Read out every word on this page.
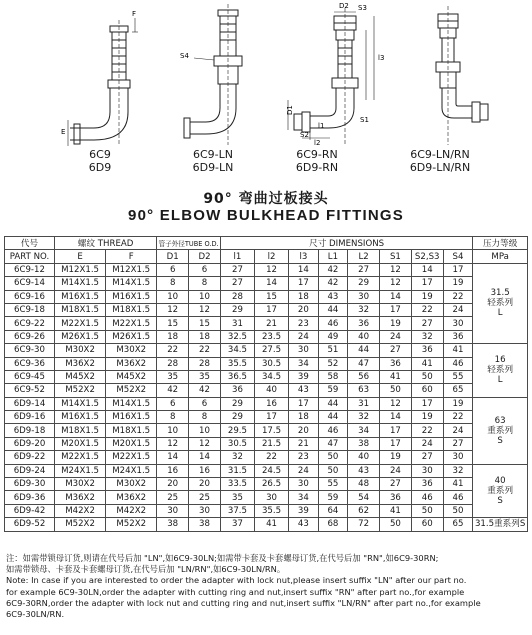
F
E
S4
D2 S3
D1
l1
S2
l2
S1
l3
6C9
6D9
6C9-LN
6D9-LN
6C9-RN
6D9-RN
6C9-LN/RN
6D9-LN/RN
90° 弯曲过板接头
90° ELBOW BULKHEAD FITTINGS
代号	螺纹 THREAD		管子外径TUBE O.D.		尺寸 DIMENSIONS								压力等级
PART NO.	E	F	D1	D2	l1	l2	l3	L1	L2	S1	S2,S3	S4	MPa
6C9-12	M12X1.5	M12X1.5	6	6	27	12	14	42	27	12	14	17	31.5
轻系列
L

6C9-14	M14X1.5	M14X1.5	8	8	27	14	17	42	29	12	17	19	
6C9-16	M16X1.5	M16X1.5	10	10	28	15	18	43	30	14	19	22	
6C9-18	M18X1.5	M18X1.5	12	12	29	17	20	44	32	17	22	24	
6C9-22	M22X1.5	M22X1.5	15	15	31	21	23	46	36	19	27	30	
6C9-26	M26X1.5	M26X1.5	18	18	32.5	23.5	24	49	40	24	32	36	
6C9-30	M30X2	M30X2	22	22	34.5	27.5	30	51	44	27	36	41	16
轻系列
L

6C9-36	M36X2	M36X2	28	28	35.5	30.5	34	52	47	36	41	46	
6C9-45	M45X2	M45X2	35	35	36.5	34.5	39	58	56	41	50	55	
6C9-52	M52X2	M52X2	42	42	36	40	43	59	63	50	60	65	
6D9-14	M14X1.5	M14X1.5	6	6	29	16	17	44	31	12	17	19	63
重系列
S

6D9-16	M16X1.5	M16X1.5	8	8	29	17	18	44	32	14	19	22	
6D9-18	M18X1.5	M18X1.5	10	10	29.5	17.5	20	46	34	17	22	24	
6D9-20	M20X1.5	M20X1.5	12	12	30.5	21.5	21	47	38	17	24	27	
6D9-22	M22X1.5	M22X1.5	14	14	32	22	23	50	40	19	27	30	
6D9-24	M24X1.5	M24X1.5	16	16	31.5	24.5	24	50	43	24	30	32	40
重系列
S

6D9-30	M30X2	M30X2	20	20	33.5	26.5	30	55	48	27	36	41	
6D9-36	M36X2	M36X2	25	25	35	30	34	59	54	36	46	46	
6D9-42	M42X2	M42X2	30	30	37.5	35.5	39	64	62	41	50	50	
6D9-52	M52X2	M52X2	38	38	37	41	43	68	72	50	60	65	31.5重系列S
注：如需带锁母订货,则请在代号后加 "LN",如6C9-30LN;如需带卡套及卡套螺母订货,在代号后加 "RN",如6C9-30RN;
如需带锁母、卡套及卡套螺母订货,在代号后加 "LN/RN",如6C9-30LN/RN。
Note: In case if you are interested to order the adapter with lock nut,please insert suffix "LN" after our part no.
for example 6C9-30LN,order the adapter with cutting ring and nut,insert suffix "RN" after part no.,for example
6C9-30RN,order the adapter with lock nut and cutting ring and nut,insert suffix "LN/RN" after part no.,for example
6C9-30LN/RN.
